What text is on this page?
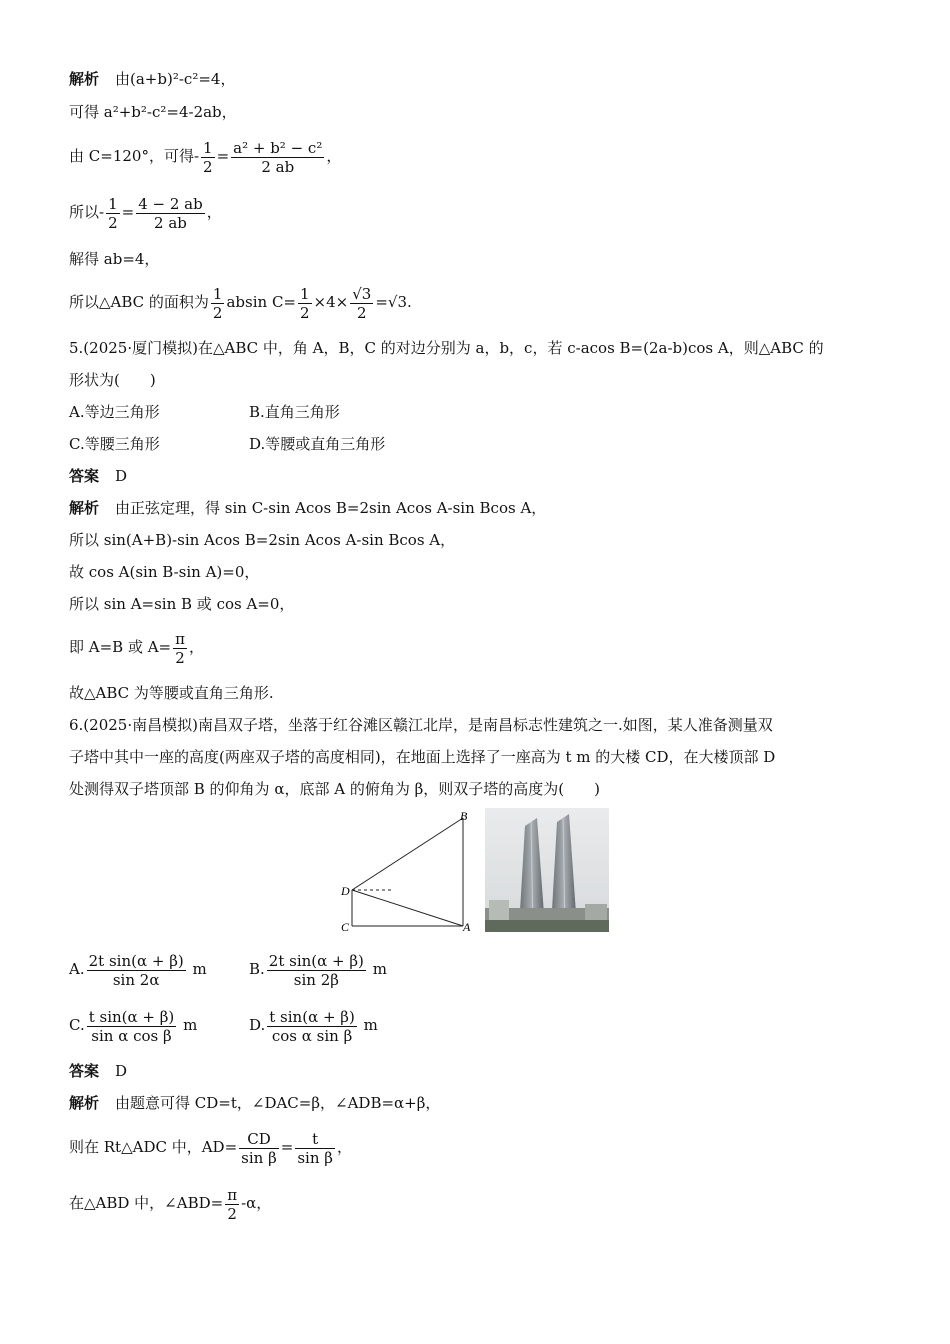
解析 由(a+b)²-c²=4，
可得 a²+b²-c²=4-2ab，
由 C=120°，可得- $\frac{1}{2} = \frac{\text{a² + b² − c²}}{2 ab}$ ，
所以- $\frac{1}{2} = \frac{4 - 2 ab}{2 ab}$ ，
解得 ab=4，
所以△ABC 的面积为 $\frac{1}{2}$ absin $C= \frac{1}{2} \times 4\times \frac{√3}{2} =√3$.
5.(2025·厦门模拟)在△ABC 中，角 A，B，C 的对边分别为 a，b，c，若 c-acos B=(2a-b)cos A，则△ABC 的
形状为(　　)
A.等边三角形	B.直角三角形
C.等腰三角形	D.等腰或直角三角形
答案 D
解析 由正弦定理，得 sin C-sin Acos B=2sin Acos A-sin Bcos A，
所以 sin(A+B)-sin Acos B=2sin Acos A-sin Bcos A，
故 cos A(sin B-sin A)=0，
所以 sin A=sin B 或 cos A=0，
即 A=B 或 $A= \frac{\pi}{2}$ ，
故△ABC 为等腰或直角三角形.
6.(2025·南昌模拟)南昌双子塔，坐落于红谷滩区赣江北岸，是南昌标志性建筑之一.如图，某人准备测量双
子塔中其中一座的高度(两座双子塔的高度相同)，在地面上选择了一座高为 t m 的大楼 CD，在大楼顶部 D
处测得双子塔顶部 B 的仰角为 α，底部 A 的俯角为 β，则双子塔的高度为(　　)
B
D
C	A
A. $\frac{\text{2t sin(α + β)}}{\sin 2\alpha}$ m	B. $\frac{\text{2t sin(α + β)}}{\sin 2\beta}$ m
C. $\frac{\text{t sin(α + β)}}{\text{sin α cos β}}$ m	D. $\frac{\text{t sin(α + β)}}{\text{cos α sin β}}$ m
答案 D
解析 由题意可得 CD=t，∠DAC=β，∠ADB=α+β，
则在 Rt△ADC 中，$AD= \frac{CD}{\text{sin β}} = \frac{t}{\text{sin β}}$ ，
在△ABD 中，∠ABD= $\frac{\pi}{2} -\alpha$，
